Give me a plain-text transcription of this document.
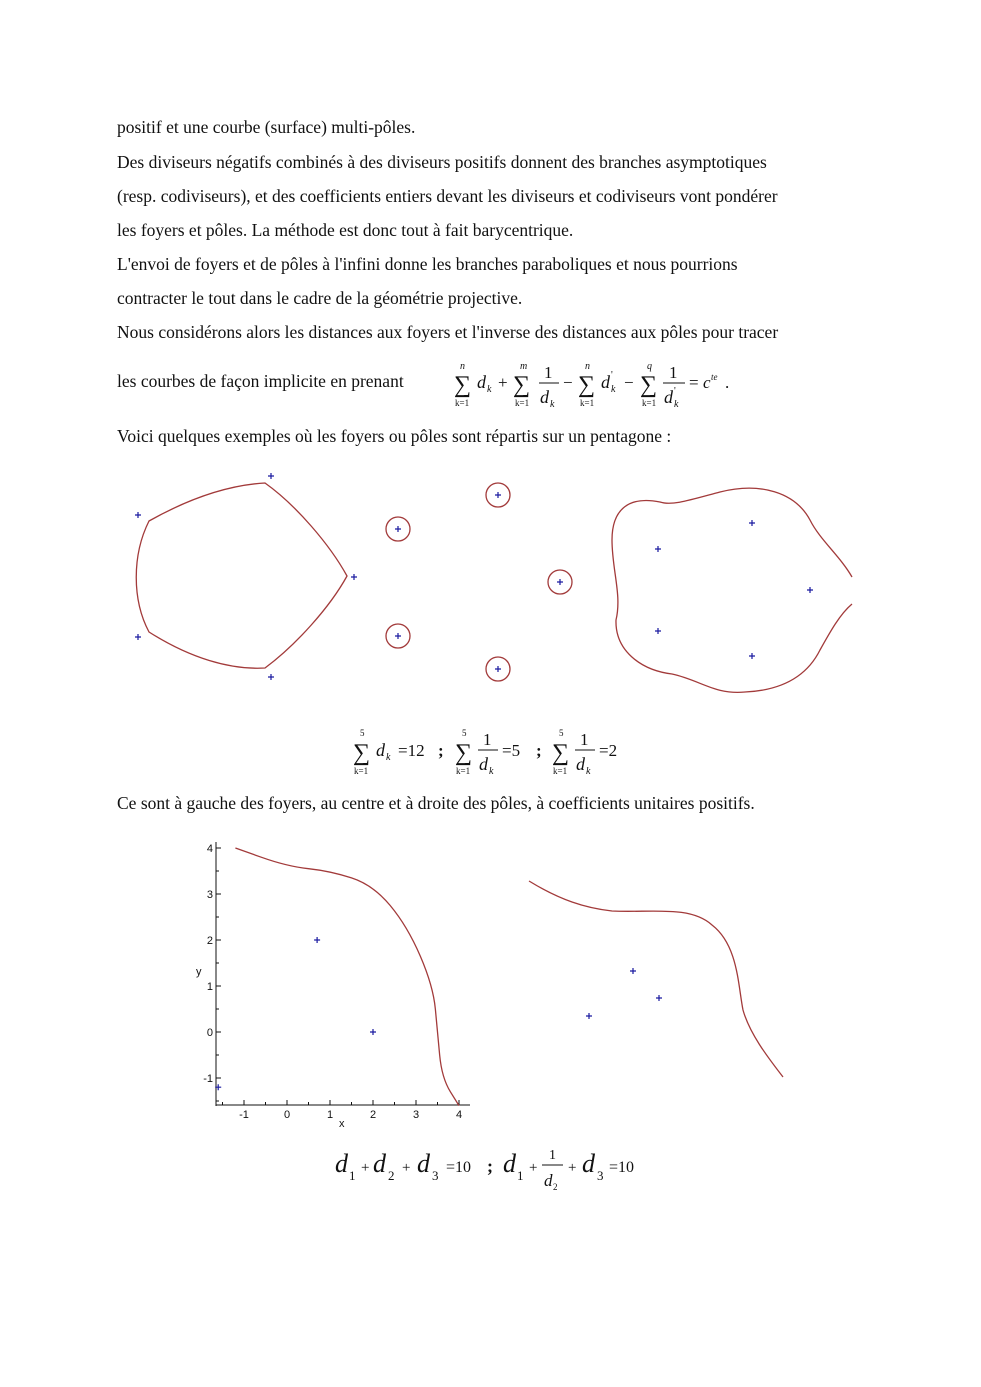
positif et une courbe (surface) multi-pôles.
Des diviseurs négatifs combinés à des diviseurs positifs donnent des branches asymptotiques
(resp. codiviseurs), et des coefficients entiers devant les diviseurs et codiviseurs vont pondérer
les foyers et pôles. La méthode est donc tout à fait barycentrique.
L'envoi de foyers et de pôles à l'infini donne les branches paraboliques et nous pourrions
contracter le tout dans le cadre de la géométrie projective.
Nous considérons alors les distances aux foyers et l'inverse des distances aux pôles pour tracer
les courbes de façon implicite en prenant
Voici quelques exemples où les foyers ou pôles sont répartis sur un pentagone :
Ce sont à gauche des foyers, au centre et à droite des pôles, à coefficients unitaires positifs.
n
∑
k=1
d k +
m
∑
k=1
1
d k
−
n
∑
k=1
d '
k −
q
∑
k=1
1
d '
k
= c te .
5
∑
k=1
d k =12 ;
5
∑
k=1
1
d k
=5 ;
5
∑
k=1
1
d k
=2
-1	0	1	2	3	4
4
3
2
1
0
-1
x
y
d 1 + d 2 + d 3 =10 ; d 1 +
1
d 2
+ d 3 =10
